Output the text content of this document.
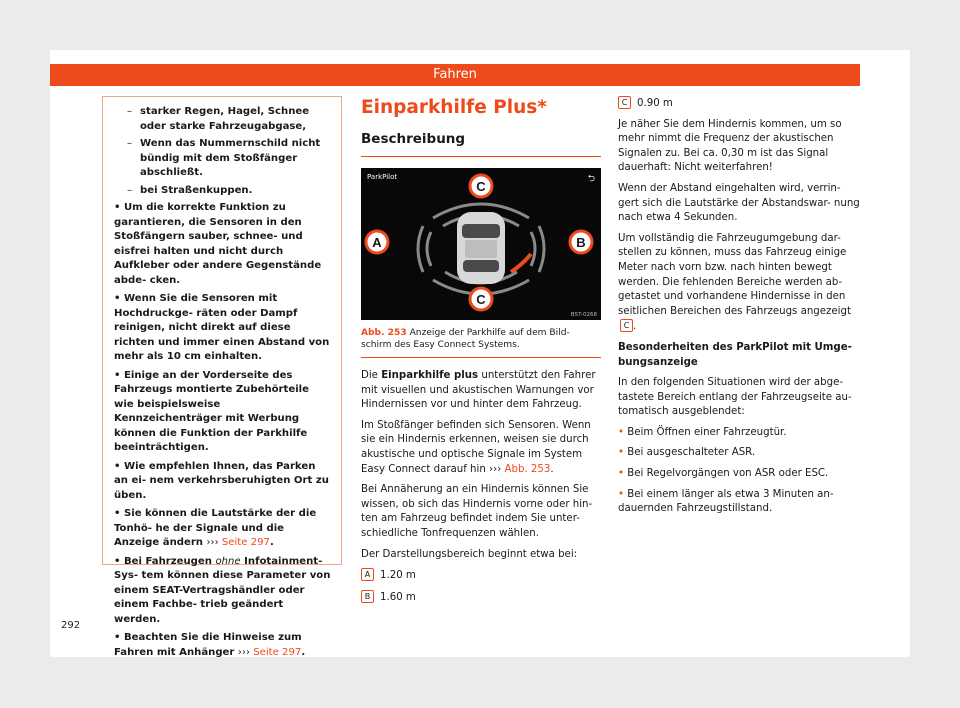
Fahren
– starker Regen, Hagel, Schnee oder starke Fahrzeugabgase,
– Wenn das Nummernschild nicht bündig mit dem Stoßfänger abschließt.
– bei Straßenkuppen.
• Um die korrekte Funktion zu garantieren, die Sensoren in den Stoßfängern sauber, schnee- und eisfrei halten und nicht durch Aufkleber oder andere Gegenstände abde- cken.
• Wenn Sie die Sensoren mit Hochdruckge- räten oder Dampf reinigen, nicht direkt auf diese richten und immer einen Abstand von mehr als 10 cm einhalten.
• Einige an der Vorderseite des Fahrzeugs montierte Zubehörteile wie beispielsweise Kennzeichenträger mit Werbung können die Funktion der Parkhilfe beeinträchtigen.
• Wie empfehlen Ihnen, das Parken an ei- nem verkehrsberuhigten Ort zu üben.
• Sie können die Lautstärke der die Tonhö- he der Signale und die Anzeige ändern ››› Seite 297.
• Bei Fahrzeugen ohne Infotainment-Sys- tem können diese Parameter von einem SEAT-Vertragshändler oder einem Fachbe- trieb geändert werden.
• Beachten Sie die Hinweise zum Fahren mit Anhänger ››› Seite 297.
Einparkhilfe Plus*
Beschreibung
C
A	B
C
ParkPilot	⮌
B5T-0268
Abb. 253 Anzeige der Parkhilfe auf dem Bild- schirm des Easy Connect Systems.

Die Einparkhilfe plus unterstützt den Fahrer mit visuellen und akustischen Warnungen vor Hindernissen vor und hinter dem Fahrzeug.

Im Stoßfänger befinden sich Sensoren. Wenn sie ein Hindernis erkennen, weisen sie durch akustische und optische Signale im System Easy Connect darauf hin ››› Abb. 253.

Bei Annäherung an ein Hindernis können Sie wissen, ob sich das Hindernis vorne oder hin- ten am Fahrzeug befindet indem Sie unter- schiedliche Tonfrequenzen wählen.

Der Darstellungsbereich beginnt etwa bei:

A 1.20 m

B 1.60 m

C 0.90 m

Je näher Sie dem Hindernis kommen, um so mehr nimmt die Frequenz der akustischen Signalen zu. Bei ca. 0,30 m ist das Signal dauerhaft: Nicht weiterfahren!

Wenn der Abstand eingehalten wird, verrin- gert sich die Lautstärke der Abstandswar- nung nach etwa 4 Sekunden.

Um vollständig die Fahrzeugumgebung dar- stellen zu können, muss das Fahrzeug einige Meter nach vorn bzw. nach hinten bewegt werden. Die fehlenden Bereiche werden ab- getastet und vorhandene Hindernisse in den seitlichen Bereichen des Fahrzeugs angezeigt C .

Besonderheiten des ParkPilot mit Umge- bungsanzeige

In den folgenden Situationen wird der abge- tastete Bereich entlang der Fahrzeugseite au- tomatisch ausgeblendet:

• Beim Öffnen einer Fahrzeugtür.

• Bei ausgeschalteter ASR.

• Bei Regelvorgängen von ASR oder ESC.

• Bei einem länger als etwa 3 Minuten an- dauernden Fahrzeugstillstand.

292
